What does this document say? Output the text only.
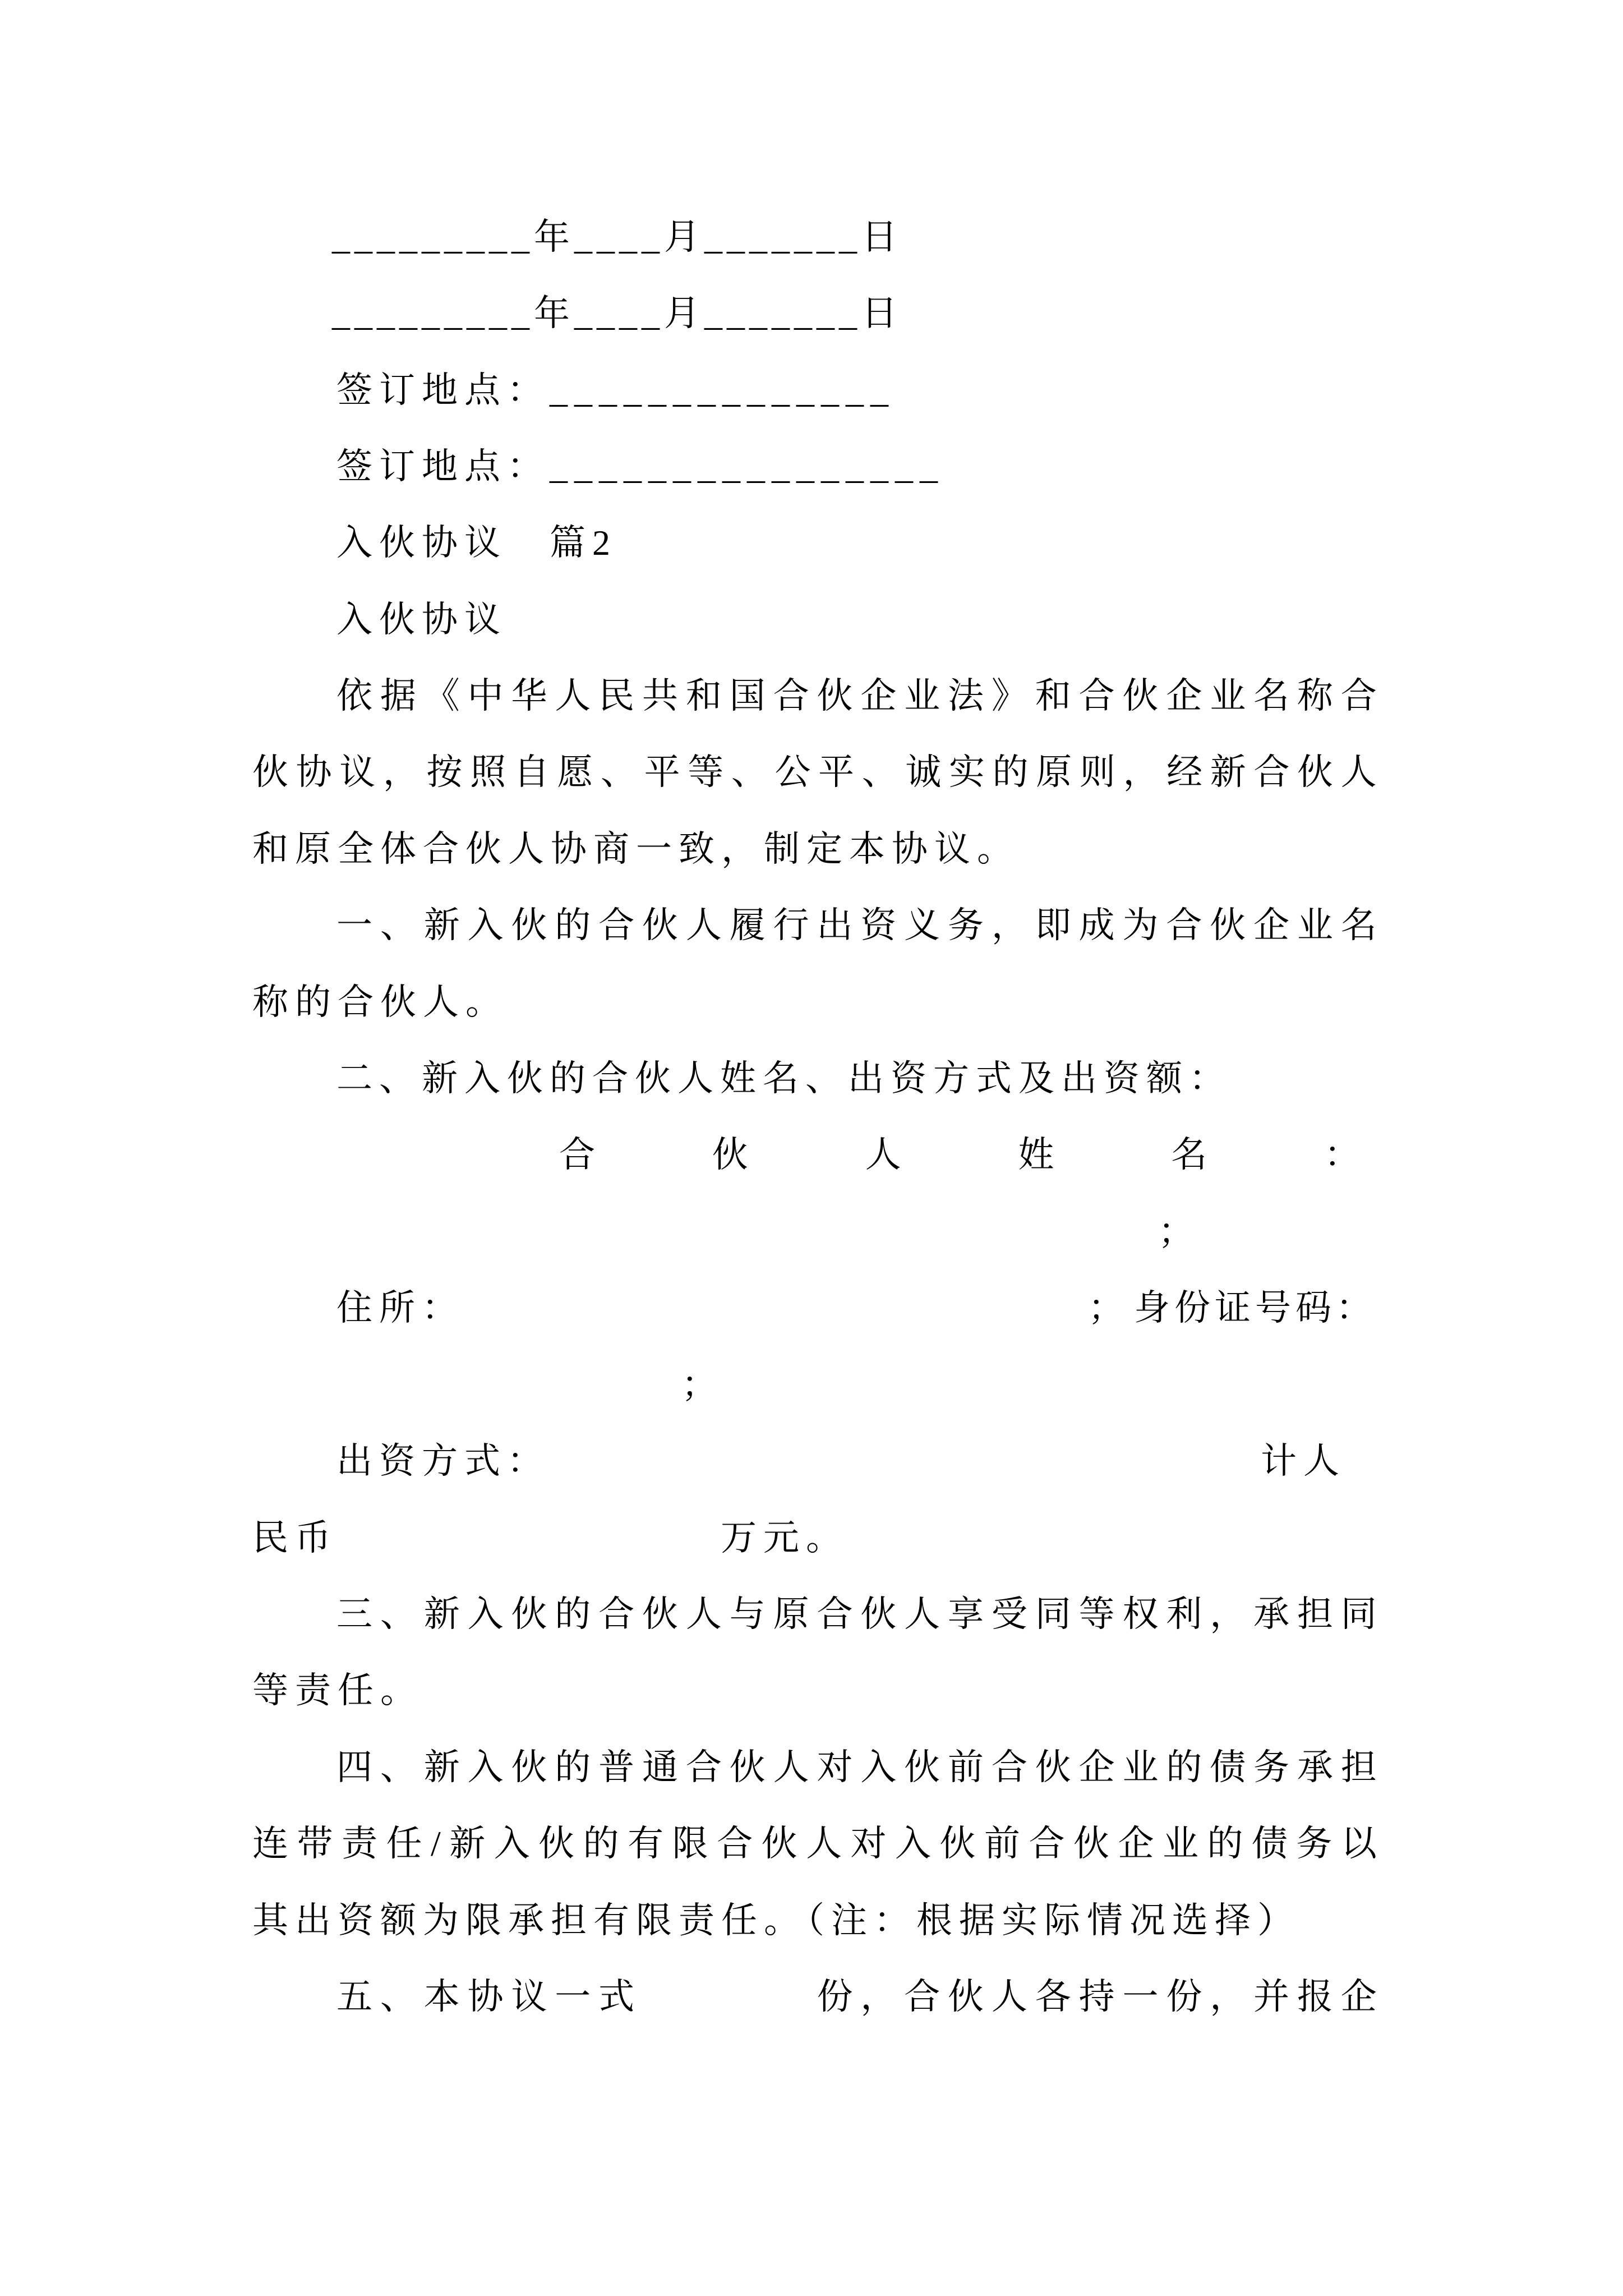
_________年____月_______日
_________年____月_______日
签订地点：______________
签订地点：________________
入伙协议　篇2
入伙协议
依 据 《 中 华 人 民 共 和 国 合 伙 企 业 法 》 和 合 伙 企 业 名 称 合
伙 协 议 ， 按 照 自 愿 、 平 等 、 公 平 、 诚 实 的 原 则 ， 经 新 合 伙 人
和原全体合伙人协商一致，制定本协议。
一 、 新 入 伙 的 合 伙 人 履 行 出 资 义 务 ， 即 成 为 合 伙 企 业 名
称的合伙人。
二、新入伙的合伙人姓名、出资方式及出资额：
合	伙	人	姓	名	：
；

住所：

	；

身份证号码：

；

出资方式：

	计人

民币

	万元。

三 、 新 入 伙 的 合 伙 人 与 原 合 伙 人 享 受 同 等 权 利 ， 承 担 同
等责任。
四 、 新 入 伙 的 普 通 合 伙 人 对 入 伙 前 合 伙 企 业 的 债 务 承 担
连 带 责 任 / 新 入 伙 的 有 限 合 伙 人 对 入 伙 前 合 伙 企 业 的 债 务 以
其出资额为限承担有限责任。（注：根据实际情况选择）
五 、 本 协 议 一 式

　	份 ， 合 伙 人 各 持 一 份 ， 并 报 企
